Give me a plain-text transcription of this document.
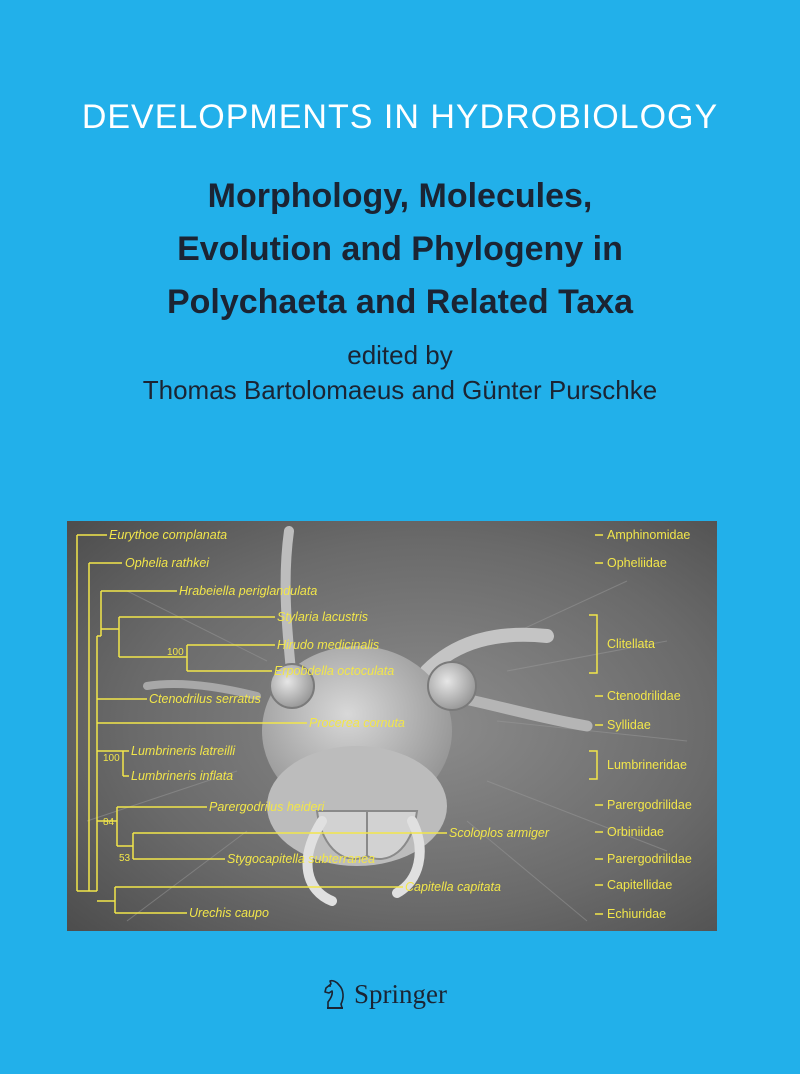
DEVELOPMENTS IN HYDROBIOLOGY
Morphology, Molecules,
Evolution and Phylogeny in
Polychaeta and Related Taxa
edited by
Thomas Bartolomaeus and Günter Purschke
Eurythoe complanata
Ophelia rathkei
Hrabeiella periglandulata
Stylaria lacustris
Hirudo medicinalis
Erpobdella octoculata
Ctenodrilus serratus
Procerea cornuta
Lumbrineris latreilli
Lumbrineris inflata
Parergodrilus heideri
Scoloplos armiger
Stygocapitella subterranea
Capitella capitata
Urechis caupo
100
100
84
53
Amphinomidae
Opheliidae
Clitellata
Ctenodrilidae
Syllidae
Lumbrineridae
Parergodrilidae
Orbiniidae
Parergodrilidae
Capitellidae
Echiuridae
Springer
